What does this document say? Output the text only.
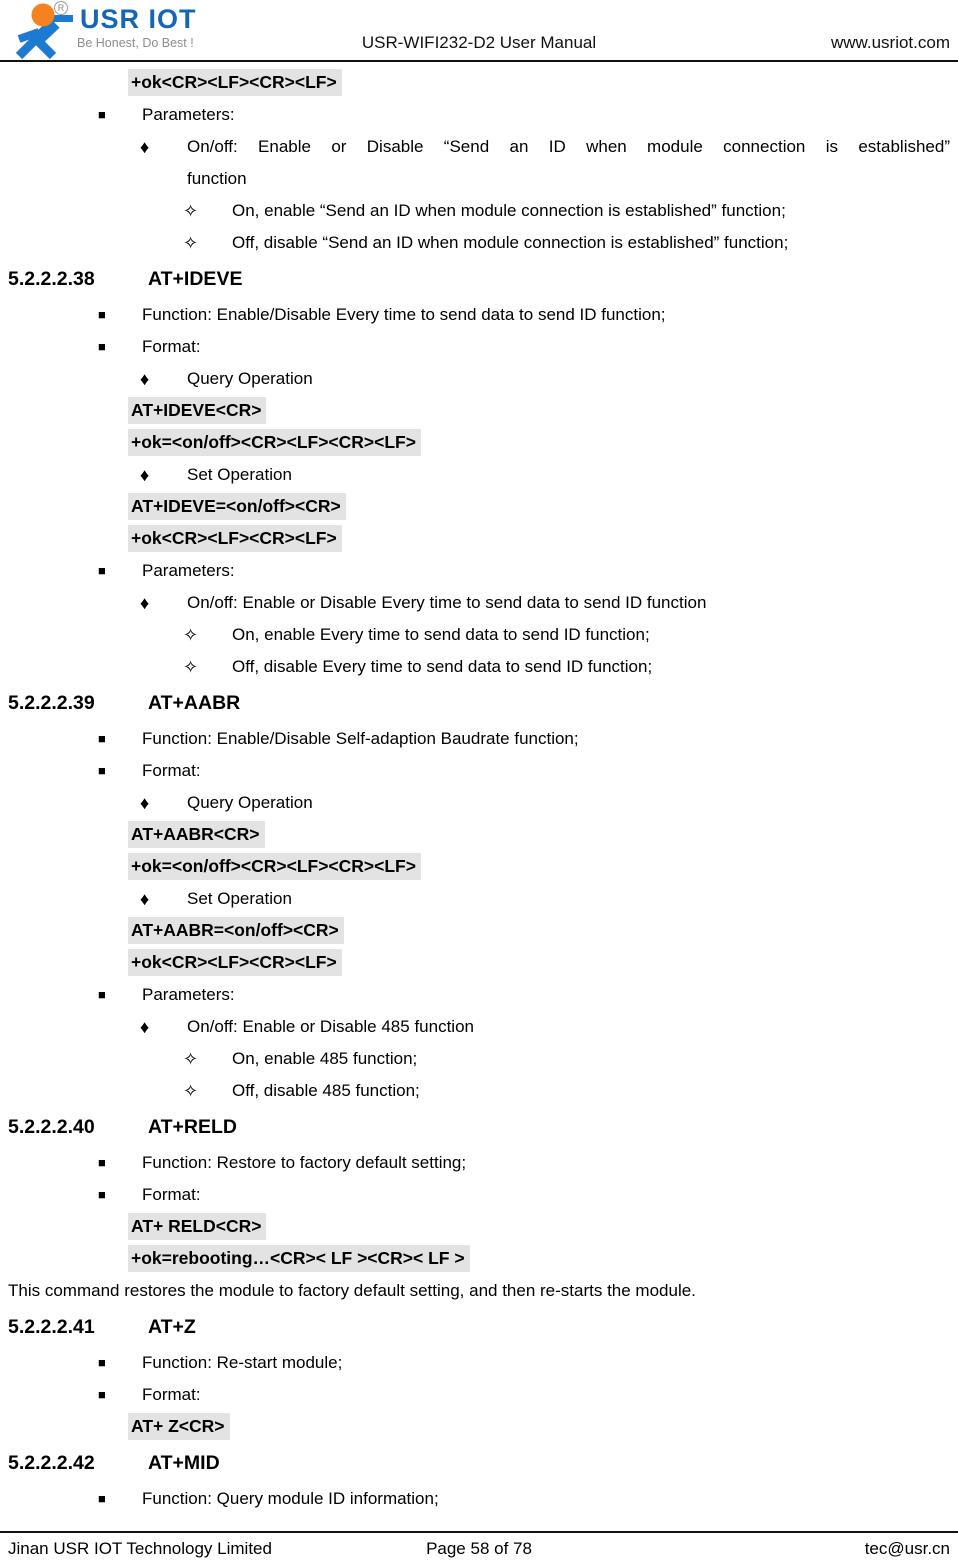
R USR IOT
Be Honest, Do Best !	USR-WIFI232-D2 User Manual	www.usriot.com
+ok<CR><LF><CR><LF>
■ Parameters:
♦ On/off: Enable or Disable “Send an ID when module connection is established”
function
✧ On, enable “Send an ID when module connection is established” function;
✧ Off, disable “Send an ID when module connection is established” function;
5.2.2.2.38	AT+IDEVE
■ Function: Enable/Disable Every time to send data to send ID function;
■ Format:
♦ Query Operation
AT+IDEVE<CR>
+ok=<on/off><CR><LF><CR><LF>
♦ Set Operation
AT+IDEVE=<on/off><CR>
+ok<CR><LF><CR><LF>
■ Parameters:
♦ On/off: Enable or Disable Every time to send data to send ID function
✧ On, enable Every time to send data to send ID function;
✧ Off, disable Every time to send data to send ID function;
5.2.2.2.39	AT+AABR
■ Function: Enable/Disable Self-adaption Baudrate function;
■ Format:
♦ Query Operation
AT+AABR<CR>
+ok=<on/off><CR><LF><CR><LF>
♦ Set Operation
AT+AABR=<on/off><CR>
+ok<CR><LF><CR><LF>
■ Parameters:
♦ On/off: Enable or Disable 485 function
✧ On, enable 485 function;
✧ Off, disable 485 function;
5.2.2.2.40	AT+RELD
■ Function: Restore to factory default setting;
■ Format:
AT+ RELD<CR>
+ok=rebooting…<CR>< LF ><CR>< LF >
This command restores the module to factory default setting, and then re-starts the module.
5.2.2.2.41	AT+Z
■ Function: Re-start module;
■ Format:
AT+ Z<CR>
5.2.2.2.42	AT+MID
■ Function: Query module ID information;
Jinan USR IOT Technology Limited	Page 58 of 78	tec@usr.cn
